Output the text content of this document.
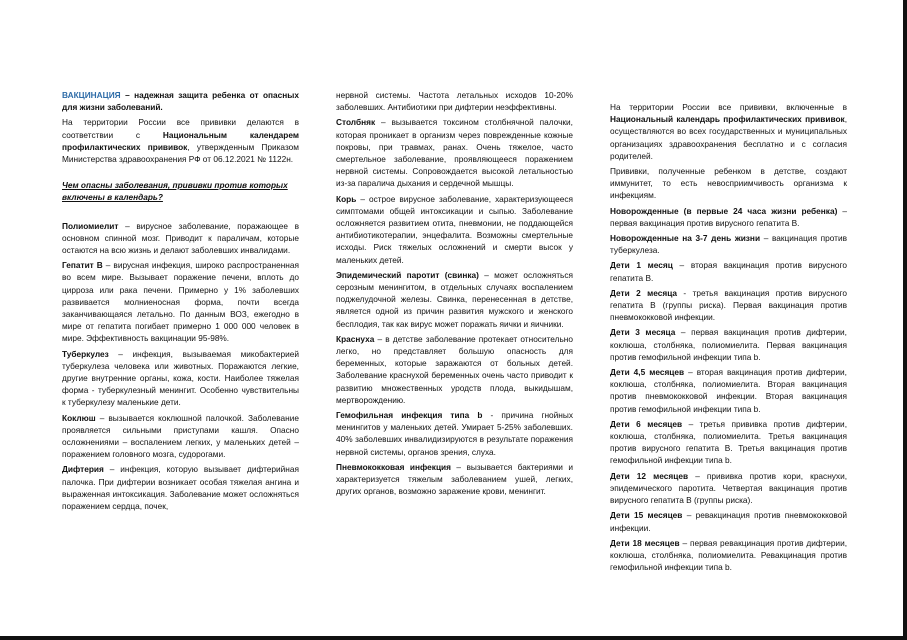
ВАКЦИНАЦИЯ – надежная защита ребенка от опасных для жизни заболеваний.

На территории России все прививки делаются в соответствии с Национальным календарем профилактических прививок, утвержденным Приказом Министерства здравоохранения РФ от 06.12.2021 № 1122н.

Чем опасны заболевания, прививки против которых включены в календарь?

Полиомиелит – вирусное заболевание, поражающее в основном спинной мозг. Приводит к параличам, которые остаются на всю жизнь и делают заболевших инвалидами.

Гепатит В – вирусная инфекция, широко распространенная во всем мире. Вызывает поражение печени, вплоть до цирроза или рака печени. Примерно у 1% заболевших развивается молниеносная форма, почти всегда заканчивающаяся летально. По данным ВОЗ, ежегодно в мире от гепатита погибает примерно 1 000 000 человек в мире. Эффективность вакцинации 95-98%.

Туберкулез – инфекция, вызываемая микобактерией туберкулеза человека или животных. Поражаются легкие, другие внутренние органы, кожа, кости. Наиболее тяжелая форма - туберкулезный менингит. Особенно чувствительны к туберкулезу маленькие дети.

Коклюш – вызывается коклюшной палочкой. Заболевание проявляется сильными приступами кашля. Опасно осложнениями – воспалением легких, у маленьких детей – поражением головного мозга, судорогами.

Дифтерия – инфекция, которую вызывает дифтерийная палочка. При дифтерии возникает особая тяжелая ангина и выраженная интоксикация. Заболевание может осложняться поражением сердца, почек,

нервной системы. Частота летальных исходов 10-20% заболевших. Антибиотики при дифтерии неэффективны.

Столбняк – вызывается токсином столбнячной палочки, которая проникает в организм через поврежденные кожные покровы, при травмах, ранах. Очень тяжелое, часто смертельное заболевание, проявляющееся поражением нервной системы. Сопровождается высокой летальностью из-за паралича дыхания и сердечной мышцы.

Корь – острое вирусное заболевание, характеризующееся симптомами общей интоксикации и сыпью. Заболевание осложняется развитием отита, пневмонии, не поддающейся антибиотикотерапии, энцефалита. Возможны смертельные исходы. Риск тяжелых осложнений и смерти высок у маленьких детей.

Эпидемический паротит (свинка) – может осложняться серозным менингитом, в отдельных случаях воспалением поджелудочной железы. Свинка, перенесенная в детстве, является одной из причин развития мужского и женского бесплодия, так как вирус может поражать яички и яичники.

Краснуха – в детстве заболевание протекает относительно легко, но представляет большую опасность для беременных, которые заражаются от больных детей. Заболевание краснухой беременных очень часто приводит к развитию множественных уродств плода, выкидышам, мертворождению.

Гемофильная инфекция типа b - причина гнойных менингитов у маленьких детей. Умирает 5-25% заболевших. 40% заболевших инвалидизируются в результате поражения нервной системы, органов зрения, слуха.

Пневмококковая инфекция – вызывается бактериями и характеризуется тяжелым заболеванием ушей, легких, других органов, возможно заражение крови, менингит.

На территории России все прививки, включенные в Национальный календарь профилактических прививок, осуществляются во всех государственных и муниципальных организациях здравоохранения бесплатно и с согласия родителей.

Прививки, полученные ребенком в детстве, создают иммунитет, то есть невосприимчивость организма к инфекциям.

Новорожденные (в первые 24 часа жизни ребенка) – первая вакцинация против вирусного гепатита В.

Новорожденные на 3-7 день жизни – вакцинация против туберкулеза.

Дети 1 месяц – вторая вакцинация против вирусного гепатита В.

Дети 2 месяца - третья вакцинация против вирусного гепатита В (группы риска). Первая вакцинация против пневмококковой инфекции.

Дети 3 месяца – первая вакцинация против дифтерии, коклюша, столбняка, полиомиелита. Первая вакцинация против гемофильной инфекции типа b.

Дети 4,5 месяцев – вторая вакцинация против дифтерии, коклюша, столбняка, полиомиелита. Вторая вакцинация против пневмококковой инфекции. Вторая вакцинация против гемофильной инфекции типа b.

Дети 6 месяцев – третья прививка против дифтерии, коклюша, столбняка, полиомиелита. Третья вакцинация против вирусного гепатита В. Третья вакцинация против гемофильной инфекции типа b.

Дети 12 месяцев – прививка против кори, краснухи, эпидемического паротита. Четвертая вакцинация против вирусного гепатита В (группы риска).

Дети 15 месяцев – ревакцинация против пневмококковой инфекции.

Дети 18 месяцев – первая ревакцинация против дифтерии, коклюша, столбняка, полиомиелита. Ревакцинация против гемофильной инфекции типа b.
